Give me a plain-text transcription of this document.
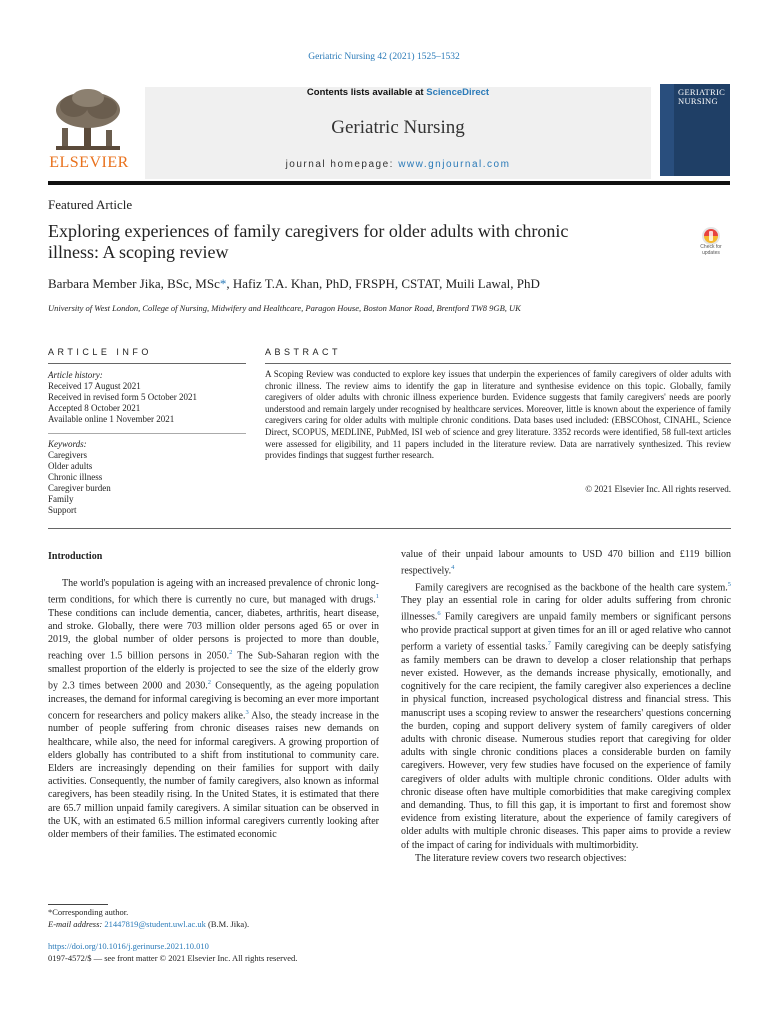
Geriatric Nursing 42 (2021) 1525–1532
Contents lists available at ScienceDirect
Geriatric Nursing
journal homepage: www.gnjournal.com
ELSEVIER
GERIATRIC
NURSING
Featured Article
Exploring experiences of family caregivers for older adults with chronic
illness: A scoping review	Check for
updates
Barbara Member Jika, BSc, MSc*, Hafiz T.A. Khan, PhD, FRSPH, CSTAT, Muili Lawal, PhD
University of West London, College of Nursing, Midwifery and Healthcare, Paragon House, Boston Manor Road, Brentford TW8 9GB, UK
ARTICLE INFO	ABSTRACT
Article history:
Received 17 August 2021
Received in revised form 5 October 2021
Accepted 8 October 2021
Available online 1 November 2021
Keywords:
Caregivers
Older adults
Chronic illness
Caregiver burden
Family
Support
A Scoping Review was conducted to explore key issues that underpin the experiences of family caregivers of older adults with chronic illness. The review aims to identify the gap in literature and synthesise evidence on this topic. Globally, family caregivers of older adults with chronic illness experience burden. Evidence suggests that family caregivers' needs are poorly understood and remain largely under recognised by healthcare services. Moreover, little is known about the experience of family caregivers caring for older adults with multiple chronic conditions. Data bases used included: (EBSCOhost, CINAHL, Science Direct, SCOPUS, MEDLINE, PubMed, ISI web of science and grey literature. 3352 records were identified, 58 full-text articles were assessed for eligibility, and 11 papers included in the literature review. Data are narratively synthesized. This review provides findings that suggest further research.
© 2021 Elsevier Inc. All rights reserved.
Introduction

The world's population is ageing with an increased prevalence of chronic long-term conditions, for which there is currently no cure, but managed with drugs.$^1$ These conditions can include dementia, cancer, diabetes, arthritis, heart disease, and stroke. Globally, there were 703 million older persons aged 65 or over in 2019, the global number of older persons is projected to more than double, reaching over 1.5 billion persons in 2050.$^2$ The Sub-Saharan region with the smallest proportion of the elderly is projected to see the size of the elderly grow by 2.3 times between 2000 and 2030.$^2$ Consequently, as the ageing population increases, the demand for informal caregiving is becoming an ever more important concern for researchers and policy makers alike.$^3$ Also, the steady increase in the number of people suffering from chronic diseases raises new demands on healthcare, while also, the need for informal caregivers. A growing proportion of elders globally has contributed to a shift from institutional to community care. Elders are increasingly depending on their families for support with daily activities. Consequently, the number of family caregivers, also known as informal caregivers, has been steadily rising. In the United States, it is estimated that there are 65.7 million unpaid family caregivers. A similar situation can be observed in the UK, with an estimated 6.5 million informal caregivers currently looking after older members of their families. The estimated economic

value of their unpaid labour amounts to USD 470 billion and £119 billion respectively.$^4$

Family caregivers are recognised as the backbone of the health care system.$^5$ They play an essential role in caring for older adults suffering from chronic illnesses.$^6$ Family caregivers are unpaid family members or significant persons who provide practical support at given times for an ill or aged relative who cannot perform a variety of essential tasks.$^7$ Family caregiving can be deeply satisfying as family members can be drawn to develop a closer relationship that perhaps never existed. However, as the demands increase physically, emotionally, and cognitively for the care recipient, the family caregiver also experiences a decline in physical function, increased psychological distress and financial stress. This manuscript uses a scoping review to answer the researchers' questions concerning the burden, coping and support delivery system of family caregivers of older adults with chronic disease. Numerous studies report that caregiving for older adults with single chronic conditions places a considerable burden on family caregivers. However, very few studies have focused on the experience of family caregivers of older adults with multiple chronic conditions. Older adults with chronic disease often have multiple comorbidities that make caregiving complex and demanding. Thus, to fill this gap, it is important to first and foremost show evidence from existing literature, about the experience of family caregivers of older adults with multiple chronic diseases. This paper aims to provide a review of the impact of caring for individuals with multimorbidity.

The literature review covers two research objectives:

*Corresponding author.
E-mail address: 21447819@student.uwl.ac.uk (B.M. Jika).
https://doi.org/10.1016/j.gerinurse.2021.10.010
0197-4572/$ — see front matter © 2021 Elsevier Inc. All rights reserved.
